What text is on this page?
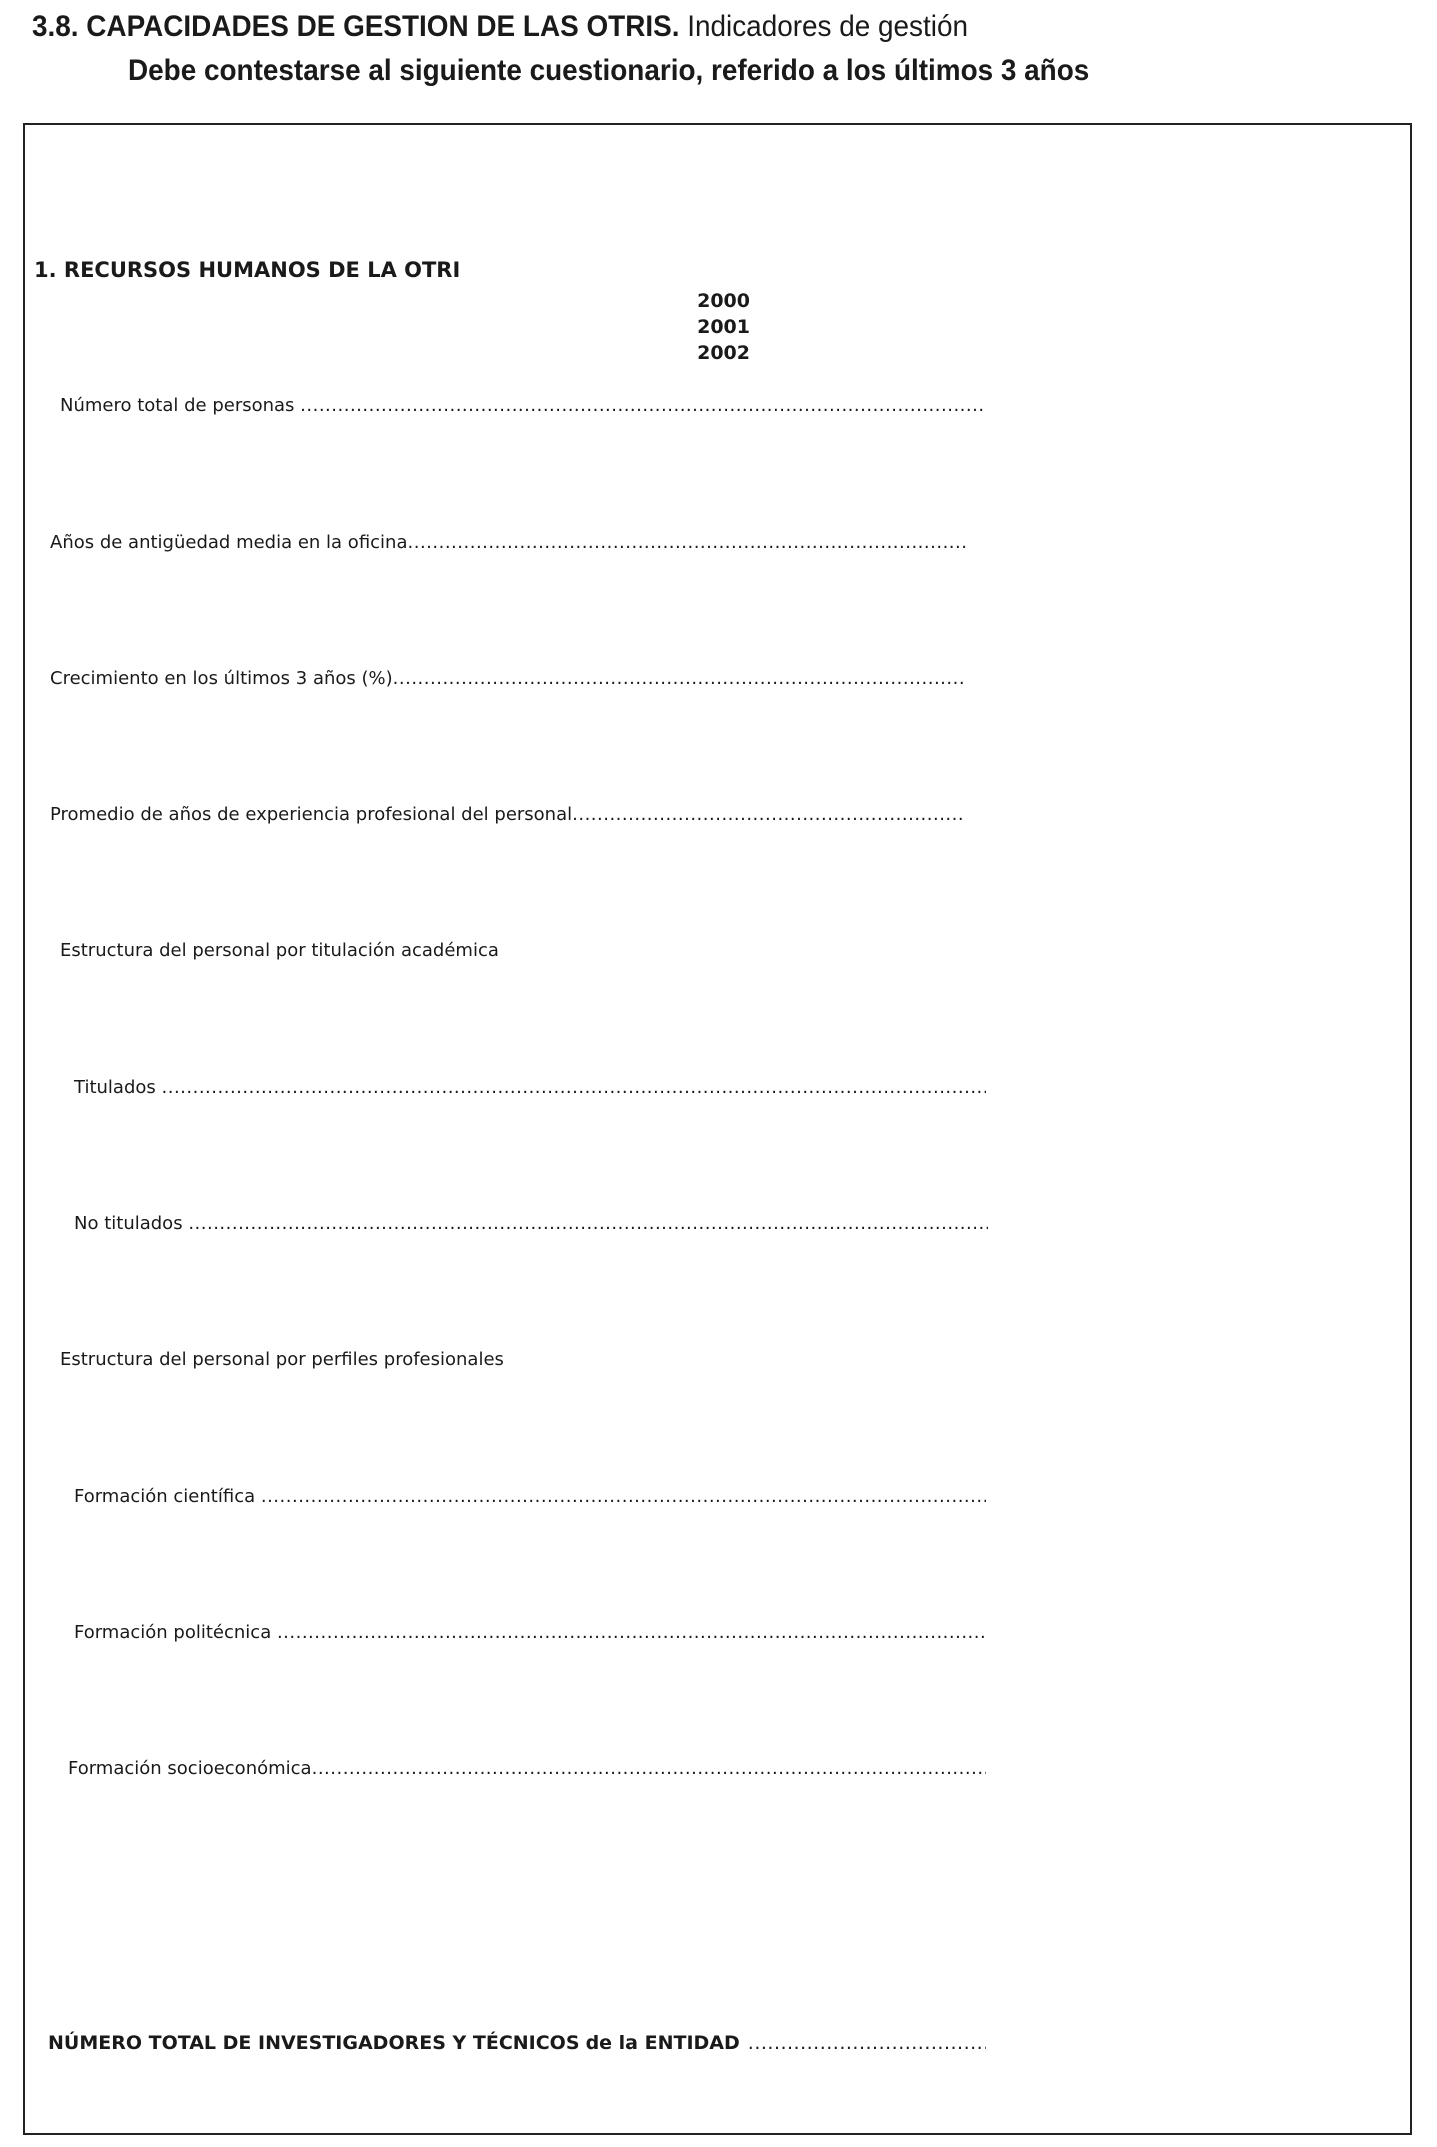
3.8. CAPACIDADES DE GESTION DE LAS OTRIS. Indicadores de gestión
Debe contestarse al siguiente cuestionario, referido a los últimos 3 años
1. RECURSOS HUMANOS DE LA OTRI
2000
2001
2002
Número total de personas

.....
Años de antigüedad media en la oficina
.....
Crecimiento en los últimos 3 años (%)
.....
Promedio de años de experiencia profesional del personal
.....
Estructura del personal por titulación académica
Titulados

.....
No titulados

.....
Estructura del personal por perfiles profesionales
Formación científica

.....
Formación politécnica

.....
Formación socioeconómica
.....
NÚMERO TOTAL DE INVESTIGADORES Y TÉCNICOS
de la ENTIDAD
.....
